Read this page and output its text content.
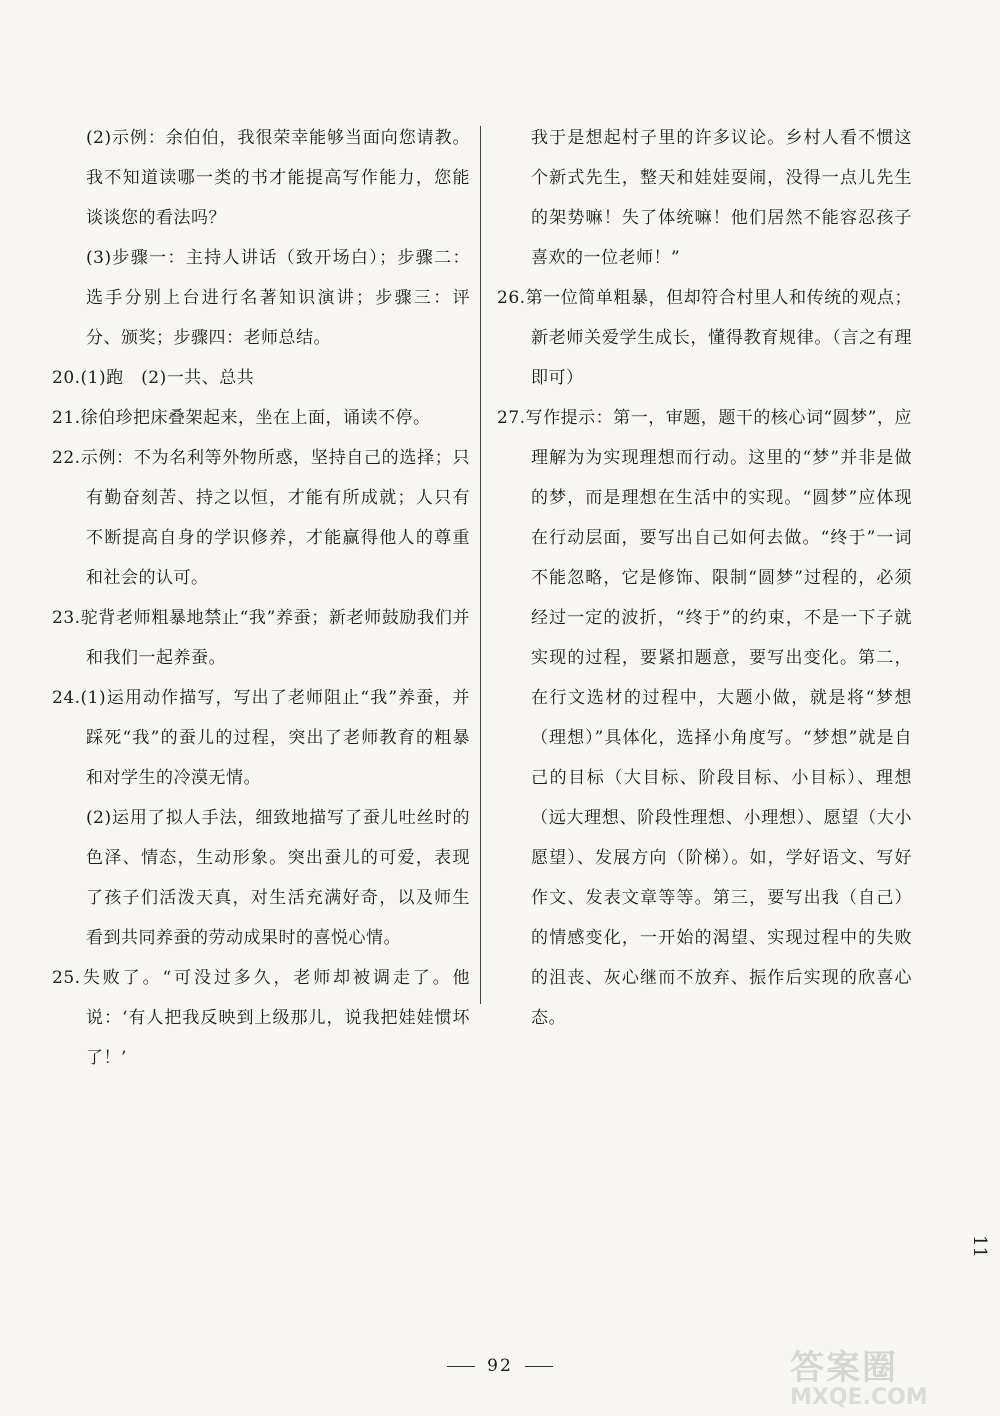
(2)示例：余伯伯，我很荣幸能够当面向您请教。我不知道读哪一类的书才能提高写作能力，您能谈谈您的看法吗？

(3)步骤一：主持人讲话（致开场白）；步骤二：选手分别上台进行名著知识演讲；步骤三：评分、颁奖；步骤四：老师总结。

20.(1)跑　(2)一共、总共

21.徐伯珍把床叠架起来，坐在上面，诵读不停。

22.示例：不为名利等外物所惑，坚持自己的选择；只有勤奋刻苦、持之以恒，才能有所成就；人只有不断提高自身的学识修养，才能赢得他人的尊重和社会的认可。

23.驼背老师粗暴地禁止“我”养蚕；新老师鼓励我们并和我们一起养蚕。

24.(1)运用动作描写，写出了老师阻止“我”养蚕，并踩死“我”的蚕儿的过程，突出了老师教育的粗暴和对学生的冷漠无情。

(2)运用了拟人手法，细致地描写了蚕儿吐丝时的色泽、情态，生动形象。突出蚕儿的可爱，表现了孩子们活泼天真，对生活充满好奇，以及师生看到共同养蚕的劳动成果时的喜悦心情。

25.失败了。“可没过多久，老师却被调走了。他说：‘有人把我反映到上级那儿，说我把娃娃惯坏了！’

我于是想起村子里的许多议论。乡村人看不惯这个新式先生，整天和娃娃耍闹，没得一点儿先生的架势嘛！失了体统嘛！他们居然不能容忍孩子喜欢的一位老师！”

26.第一位简单粗暴，但却符合村里人和传统的观点；新老师关爱学生成长，懂得教育规律。（言之有理即可）

27.写作提示：第一，审题，题干的核心词“圆梦”，应理解为为实现理想而行动。这里的“梦”并非是做的梦，而是理想在生活中的实现。“圆梦”应体现在行动层面，要写出自己如何去做。“终于”一词不能忽略，它是修饰、限制“圆梦”过程的，必须经过一定的波折，“终于”的约束，不是一下子就实现的过程，要紧扣题意，要写出变化。第二，在行文选材的过程中，大题小做，就是将“梦想（理想）”具体化，选择小角度写。“梦想”就是自己的目标（大目标、阶段目标、小目标）、理想（远大理想、阶段性理想、小理想）、愿望（大小愿望）、发展方向（阶梯）。如，学好语文、写好作文、发表文章等等。第三，要写出我（自己）的情感变化，一开始的渴望、实现过程中的失败的沮丧、灰心继而不放弃、振作后实现的欣喜心态。

11
92	答案圈
MXQE.COM
